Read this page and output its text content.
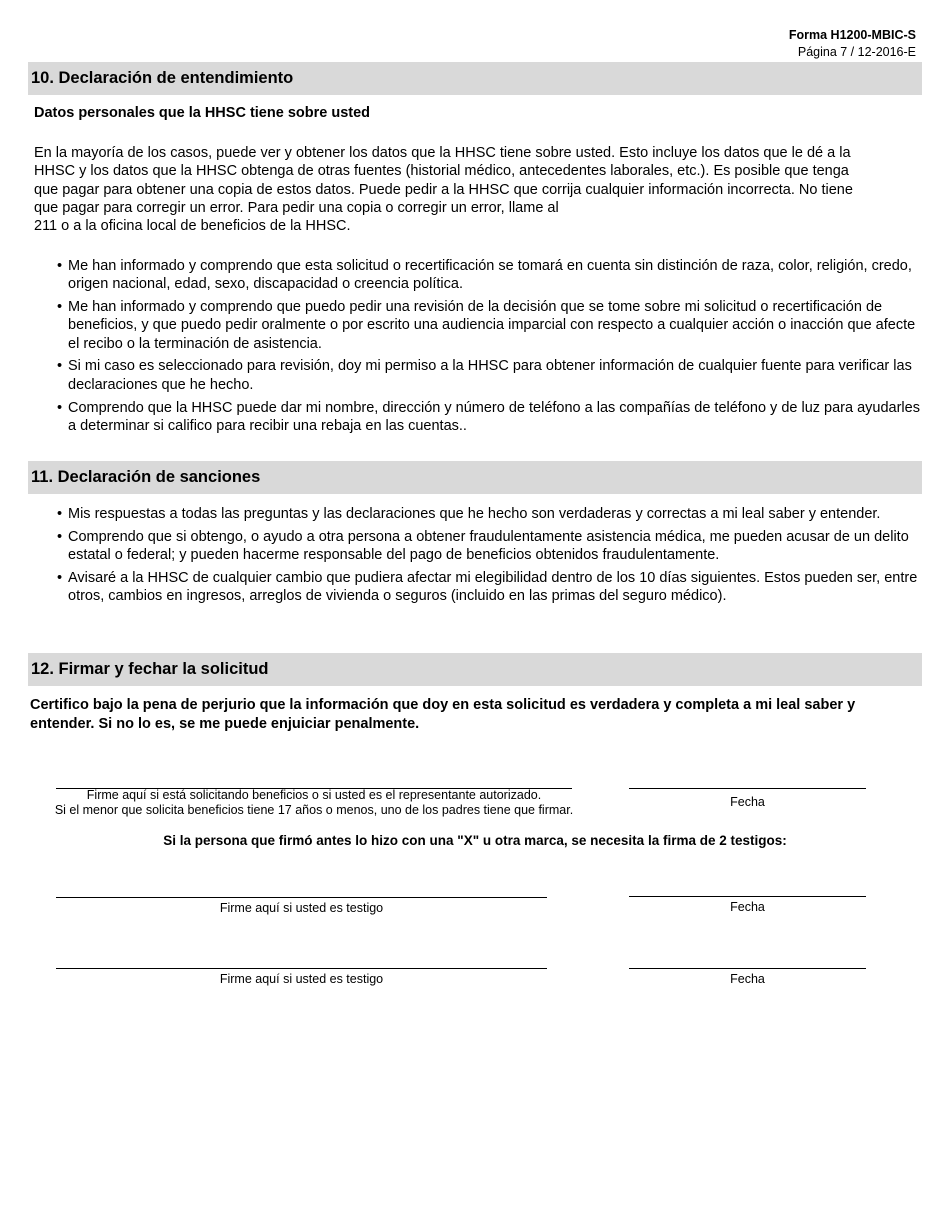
Forma H1200-MBIC-S
Página 7 / 12-2016-E
10. Declaración de entendimiento
Datos personales que la HHSC tiene sobre usted
En la mayoría de los casos, puede ver y obtener los datos que la HHSC tiene sobre usted. Esto incluye los datos que le dé a la
HHSC y los datos que la HHSC obtenga de otras fuentes (historial médico, antecedentes laborales, etc.). Es posible que tenga
que pagar para obtener una copia de estos datos. Puede pedir a la HHSC que corrija cualquier información incorrecta. No tiene
que pagar para corregir un error. Para pedir una copia o corregir un error, llame al
211 o a la oficina local de beneficios de la HHSC.
• Me han informado y comprendo que esta solicitud o recertificación se tomará en cuenta sin distinción de raza, color, religión, credo, origen nacional, edad, sexo, discapacidad o creencia política.
• Me han informado y comprendo que puedo pedir una revisión de la decisión que se tome sobre mi solicitud o recertificación de beneficios, y que puedo pedir oralmente o por escrito una audiencia imparcial con respecto a cualquier acción o inacción que afecte el recibo o la terminación de asistencia.
• Si mi caso es seleccionado para revisión, doy mi permiso a la HHSC para obtener información de cualquier fuente para verificar las declaraciones que he hecho.
• Comprendo que la HHSC puede dar mi nombre, dirección y número de teléfono a las compañías de teléfono y de luz para ayudarles a determinar si califico para recibir una rebaja en las cuentas..
11. Declaración de sanciones
• Mis respuestas a todas las preguntas y las declaraciones que he hecho son verdaderas y correctas a mi leal saber y entender.
• Comprendo que si obtengo, o ayudo a otra persona a obtener fraudulentamente asistencia médica, me pueden acusar de un delito estatal o federal; y pueden hacerme responsable del pago de beneficios obtenidos fraudulentamente.
• Avisaré a la HHSC de cualquier cambio que pudiera afectar mi elegibilidad dentro de los 10 días siguientes. Estos pueden ser, entre otros, cambios en ingresos, arreglos de vivienda o seguros (incluido en las primas del seguro médico).
12. Firmar y fechar la solicitud
Certifico bajo la pena de perjurio que la información que doy en esta solicitud es verdadera y completa a mi leal saber y entender. Si no lo es, se me puede enjuiciar penalmente.
Firme aquí si está solicitando beneficios o si usted es el representante autorizado.
Si el menor que solicita beneficios tiene 17 años o menos, uno de los padres tiene que firmar.
Fecha
Si la persona que firmó antes lo hizo con una "X" u otra marca, se necesita la firma de 2 testigos:
Firme aquí si usted es testigo	Fecha
Firme aquí si usted es testigo	Fecha
